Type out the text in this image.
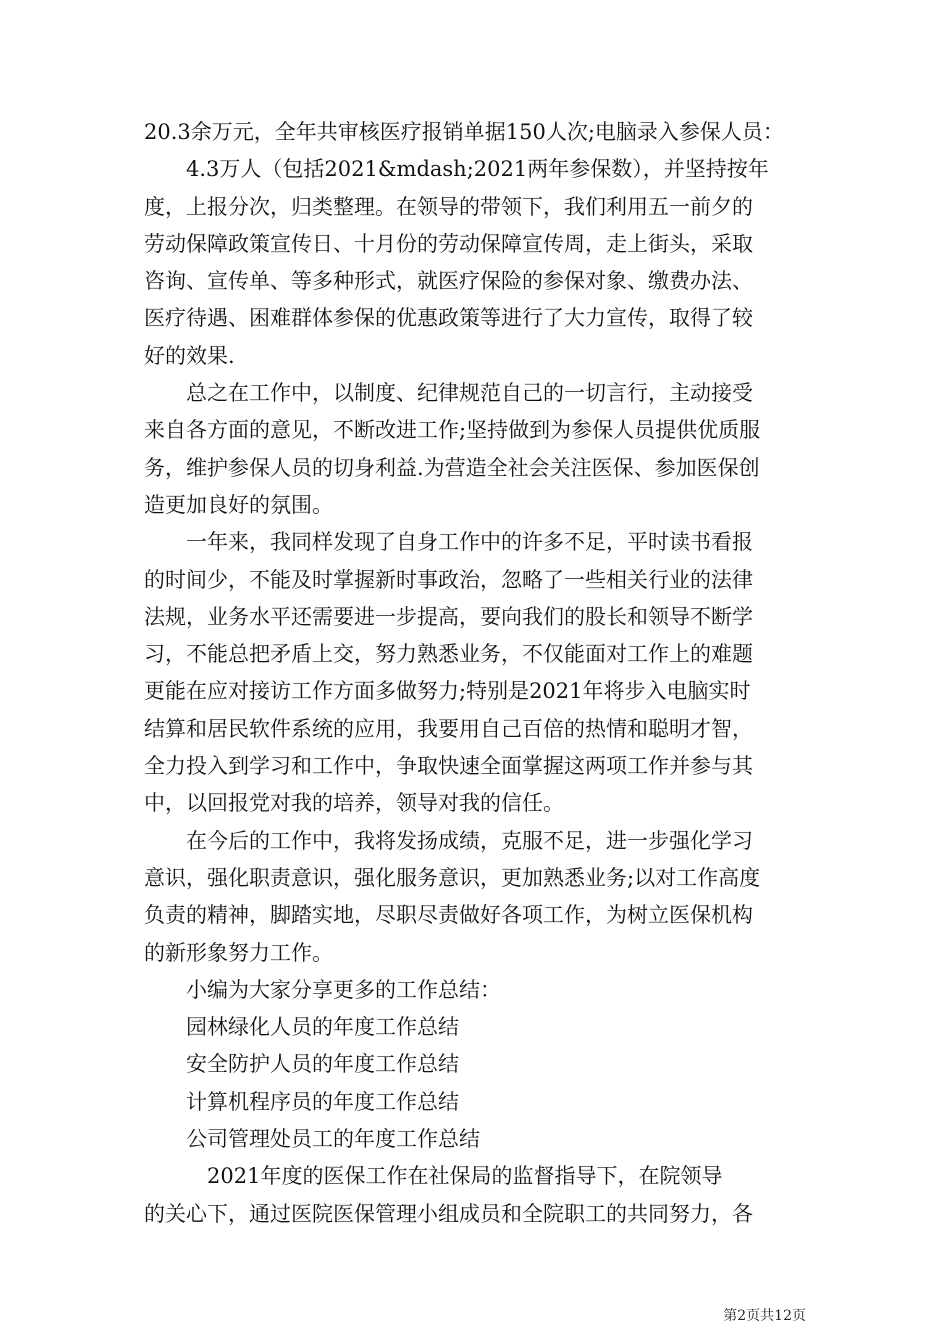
20.3余万元，全年共审核医疗报销单据150人次;电脑录入参保人员：
　　4.3万人（包括2021&mdash;2021两年参保数），并坚持按年
度，上报分次，归类整理。在领导的带领下，我们利用五一前夕的
劳动保障政策宣传日、十月份的劳动保障宣传周，走上街头，采取
咨询、宣传单、等多种形式，就医疗保险的参保对象、缴费办法、
医疗待遇、困难群体参保的优惠政策等进行了大力宣传，取得了较
好的效果.
　　总之在工作中，以制度、纪律规范自己的一切言行，主动接受
来自各方面的意见，不断改进工作;坚持做到为参保人员提供优质服
务，维护参保人员的切身利益.为营造全社会关注医保、参加医保创
造更加良好的氛围。
　　一年来，我同样发现了自身工作中的许多不足，平时读书看报
的时间少，不能及时掌握新时事政治，忽略了一些相关行业的法律
法规，业务水平还需要进一步提高，要向我们的股长和领导不断学
习，不能总把矛盾上交，努力熟悉业务，不仅能面对工作上的难题
更能在应对接访工作方面多做努力;特别是2021年将步入电脑实时
结算和居民软件系统的应用，我要用自己百倍的热情和聪明才智，
全力投入到学习和工作中，争取快速全面掌握这两项工作并参与其
中，以回报党对我的培养，领导对我的信任。
　　在今后的工作中，我将发扬成绩，克服不足，进一步强化学习
意识，强化职责意识，强化服务意识，更加熟悉业务;以对工作高度
负责的精神，脚踏实地，尽职尽责做好各项工作，为树立医保机构
的新形象努力工作。
　　小编为大家分享更多的工作总结：
　　园林绿化人员的年度工作总结
　　安全防护人员的年度工作总结
　　计算机程序员的年度工作总结
　　公司管理处员工的年度工作总结
　　　2021年度的医保工作在社保局的监督指导下，在院领导
的关心下，通过医院医保管理小组成员和全院职工的共同努力，各
第2页共12页
